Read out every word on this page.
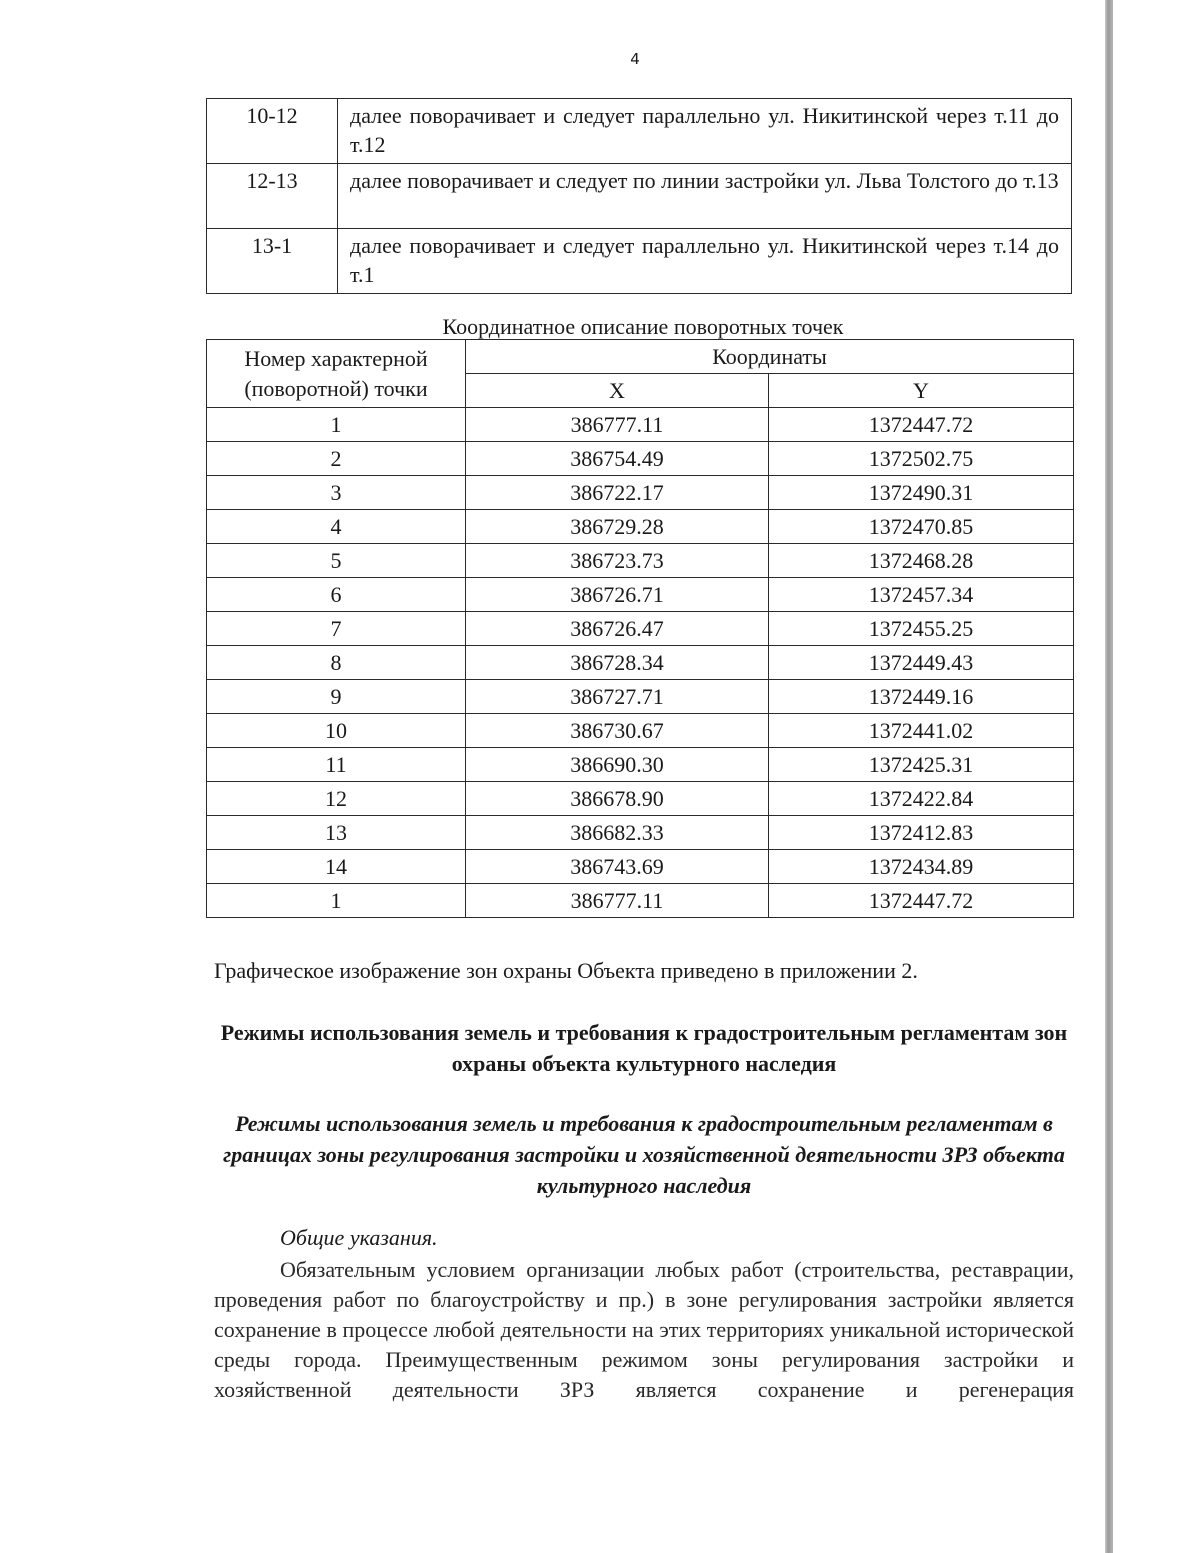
4
10-12	далее поворачивает и следует параллельно ул. Никитинской через т.11 до т.12
12-13	далее поворачивает и следует по линии застройки ул. Льва Толстого до т.13
13-1	далее поворачивает и следует параллельно ул. Никитинской через т.14 до т.1
Координатное описание поворотных точек
Номер характерной (поворотной) точки	Координаты	
	X	Y
1	386777.11	1372447.72
2	386754.49	1372502.75
3	386722.17	1372490.31
4	386729.28	1372470.85
5	386723.73	1372468.28
6	386726.71	1372457.34
7	386726.47	1372455.25
8	386728.34	1372449.43
9	386727.71	1372449.16
10	386730.67	1372441.02
11	386690.30	1372425.31
12	386678.90	1372422.84
13	386682.33	1372412.83
14	386743.69	1372434.89
1	386777.11	1372447.72
Графическое изображение зон охраны Объекта приведено в приложении 2.
Режимы использования земель и требования к градостроительным регламентам зон охраны объекта культурного наследия
Режимы использования земель и требования к градостроительным регламентам в границах зоны регулирования застройки и хозяйственной деятельности ЗРЗ объекта культурного наследия
Общие указания.
Обязательным условием организации любых работ (строительства, реставрации, проведения работ по благоустройству и пр.) в зоне регулирования застройки является сохранение в процессе любой деятельности на этих территориях уникальной исторической среды города. Преимущественным режимом зоны регулирования застройки и хозяйственной деятельности ЗРЗ является сохранение и регенерация
